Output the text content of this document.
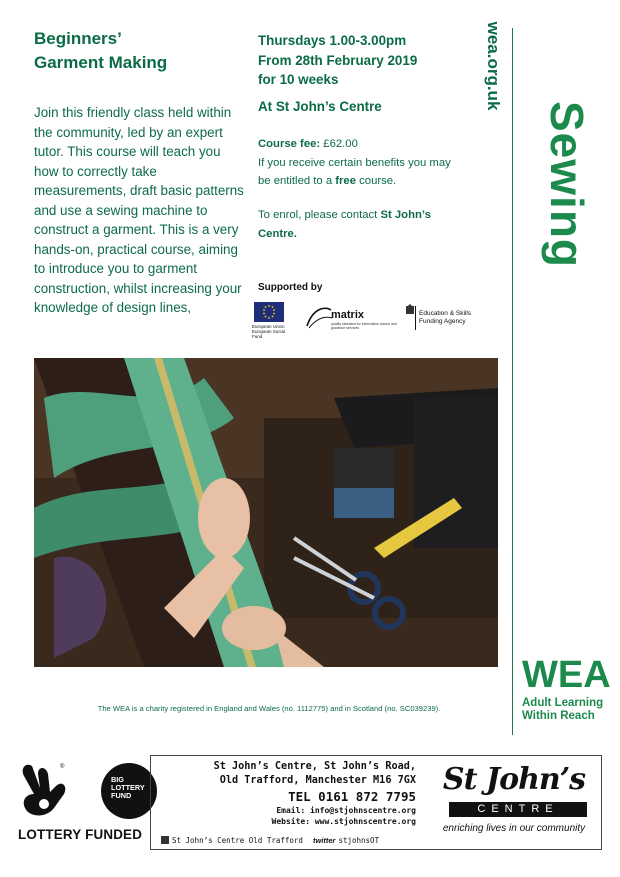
Beginners’
Garment Making
Join this friendly class held within the community, led by an expert tutor. This course will teach you how to correctly take measurements, draft basic patterns and use a sewing machine to construct a garment. This is a very hands-on, practical course, aiming to introduce you to garment construction, whilst increasing your knowledge of design lines,
Thursdays 1.00-3.00pm
From 28th February 2019
for 10 weeks
At St John’s Centre
Course fee: £62.00
If you receive certain benefits you may be entitled to a free course.
To enrol, please contact St John’s Centre.
Supported by
European Union European Social Fund
matrix
quality standard for information advice and guidance services
Education & Skills Funding Agency
Sewing
wea.org.uk
WEA
Adult Learning
Within Reach
The WEA is a charity registered in England and Wales (no. 1112775) and in Scotland (no. SC039239).
®
BIG LOTTERY FUND
LOTTERY FUNDED
St John’s Centre, St John’s Road,
Old Trafford, Manchester M16 7GX
TEL 0161 872 7795
Email: info@stjohnscentre.org
Website: www.stjohnscentre.org
St John’s Centre Old Trafford twitter stjohnsOT
St John’s
CENTRE
enriching lives in our community
